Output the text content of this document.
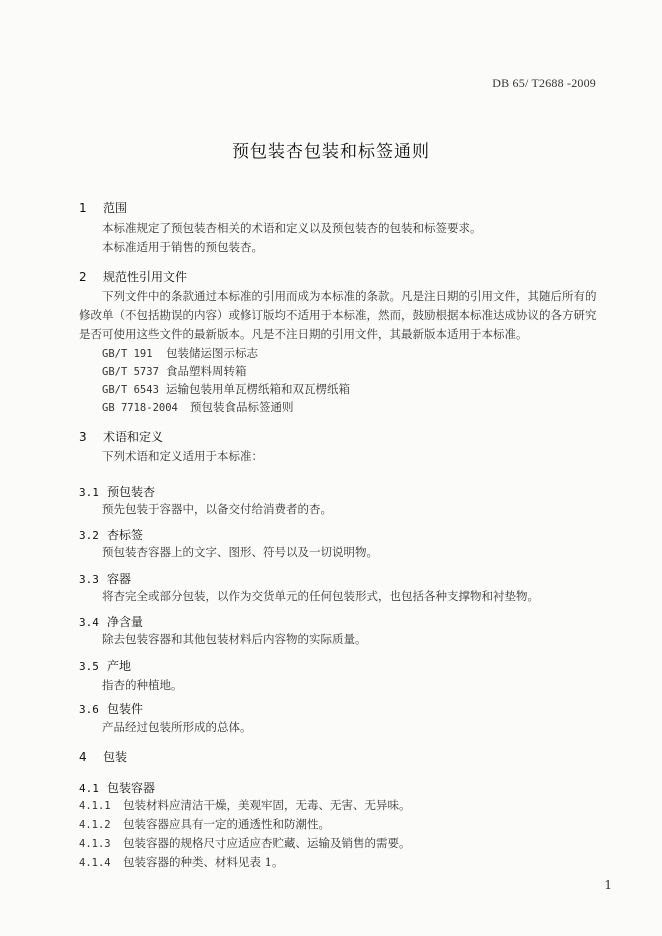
DB 65/ T2688 -2009
预包装杏包装和标签通则
1 范围
本标准规定了预包装杏相关的术语和定义以及预包装杏的包装和标签要求。
本标准适用于销售的预包装杏。
2 规范性引用文件
下列文件中的条款通过本标准的引用而成为本标准的条款。凡是注日期的引用文件，其随后所有的
修改单（不包括勘误的内容）或修订版均不适用于本标准，然而，鼓励根据本标准达成协议的各方研究
是否可使用这些文件的最新版本。凡是不注日期的引用文件，其最新版本适用于本标准。
GB/T 191 包装储运图示标志
GB/T 5737 食品塑料周转箱
GB/T 6543 运输包装用单瓦楞纸箱和双瓦楞纸箱
GB 7718-2004 预包装食品标签通则
3 术语和定义
下列术语和定义适用于本标准：
3.1 预包装杏
预先包装于容器中，以备交付给消费者的杏。
3.2 杏标签
预包装杏容器上的文字、图形、符号以及一切说明物。
3.3 容器
将杏完全或部分包装，以作为交货单元的任何包装形式，也包括各种支撑物和衬垫物。
3.4 净含量
除去包装容器和其他包装材料后内容物的实际质量。
3.5 产地
指杏的种植地。
3.6 包装件
产品经过包装所形成的总体。
4 包装
4.1 包装容器
4.1.1 包装材料应清洁干燥，美观牢固，无毒、无害、无异味。
4.1.2 包装容器应具有一定的通透性和防潮性。
4.1.3 包装容器的规格尺寸应适应杏贮藏、运输及销售的需要。
4.1.4 包装容器的种类、材料见表 1。
1
